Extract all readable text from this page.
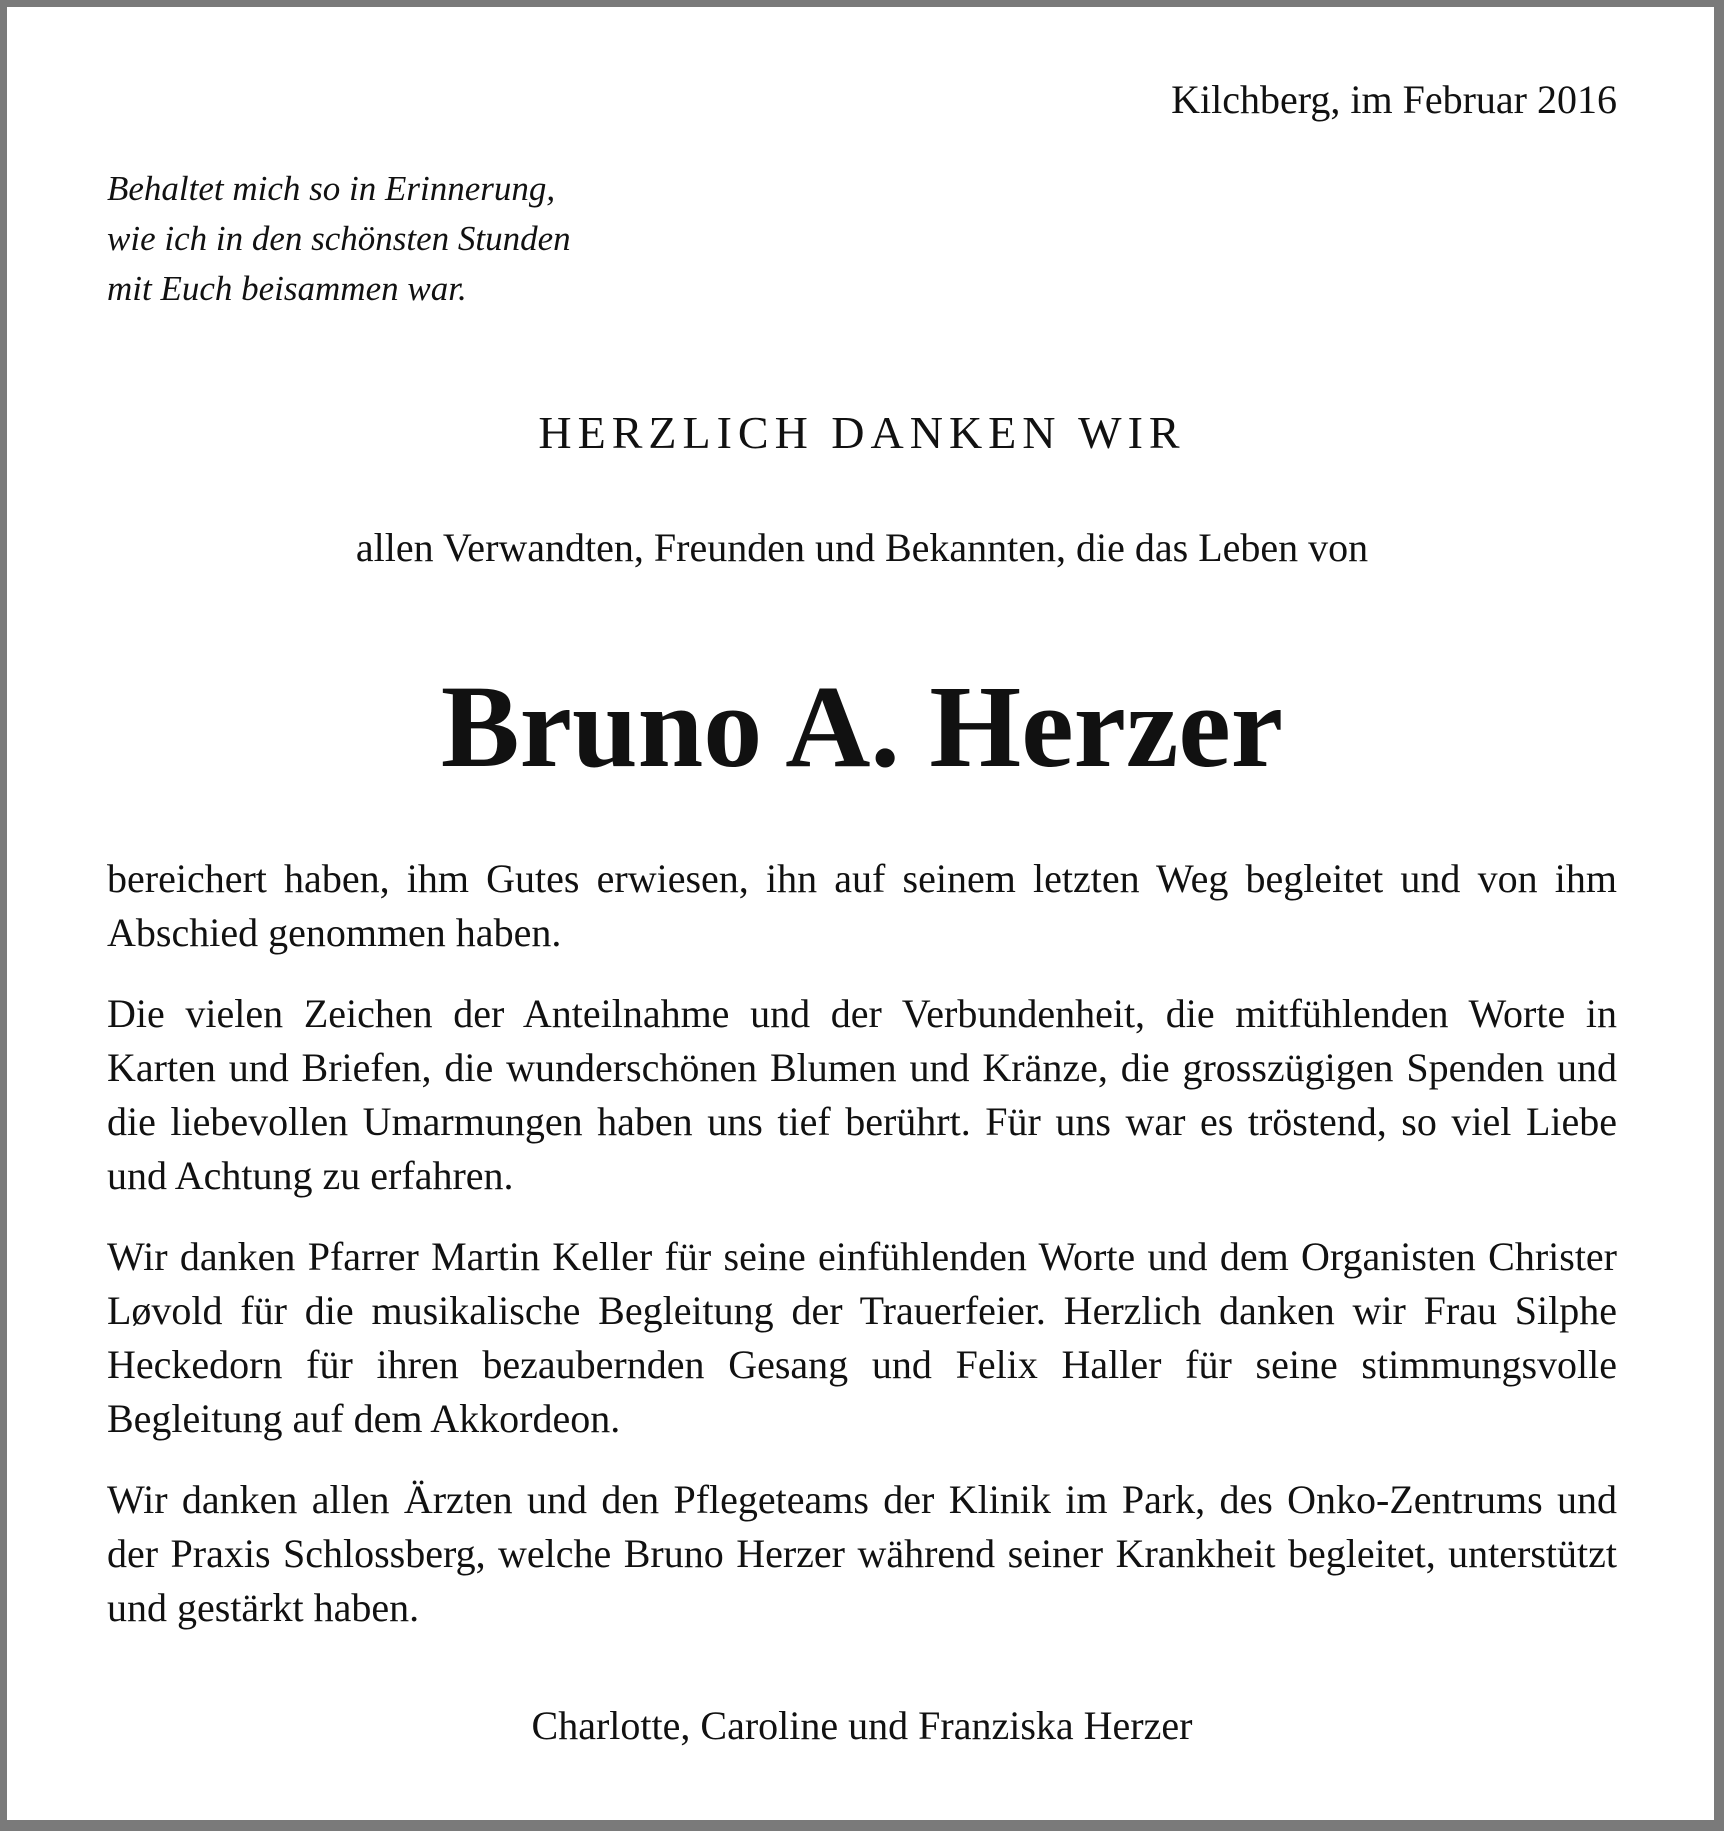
Kilchberg, im Februar 2016
Behaltet mich so in Erinnerung,
wie ich in den schönsten Stunden
mit Euch beisammen war.
HERZLICH DANKEN WIR
allen Verwandten, Freunden und Bekannten, die das Leben von
Bruno A. Herzer

bereichert haben, ihm Gutes erwiesen, ihn auf seinem letzten Weg begleitet und von ihm Abschied genommen haben.

Die vielen Zeichen der Anteilnahme und der Verbundenheit, die mitfühlenden Worte in Karten und Briefen, die wunderschönen Blumen und Kränze, die grosszügigen Spenden und die liebevollen Umarmungen haben uns tief berührt. Für uns war es tröstend, so viel Liebe und Achtung zu erfahren.

Wir danken Pfarrer Martin Keller für seine einfühlenden Worte und dem Organisten Christer Løvold für die musikalische Begleitung der Trauerfeier. Herzlich danken wir Frau Silphe Heckedorn für ihren bezaubernden Gesang und Felix Haller für seine stimmungsvolle Begleitung auf dem Akkordeon.

Wir danken allen Ärzten und den Pflegeteams der Klinik im Park, des Onko-Zentrums und der Praxis Schlossberg, welche Bruno Herzer während seiner Krankheit begleitet, unterstützt und gestärkt haben.

Charlotte, Caroline und Franziska Herzer
